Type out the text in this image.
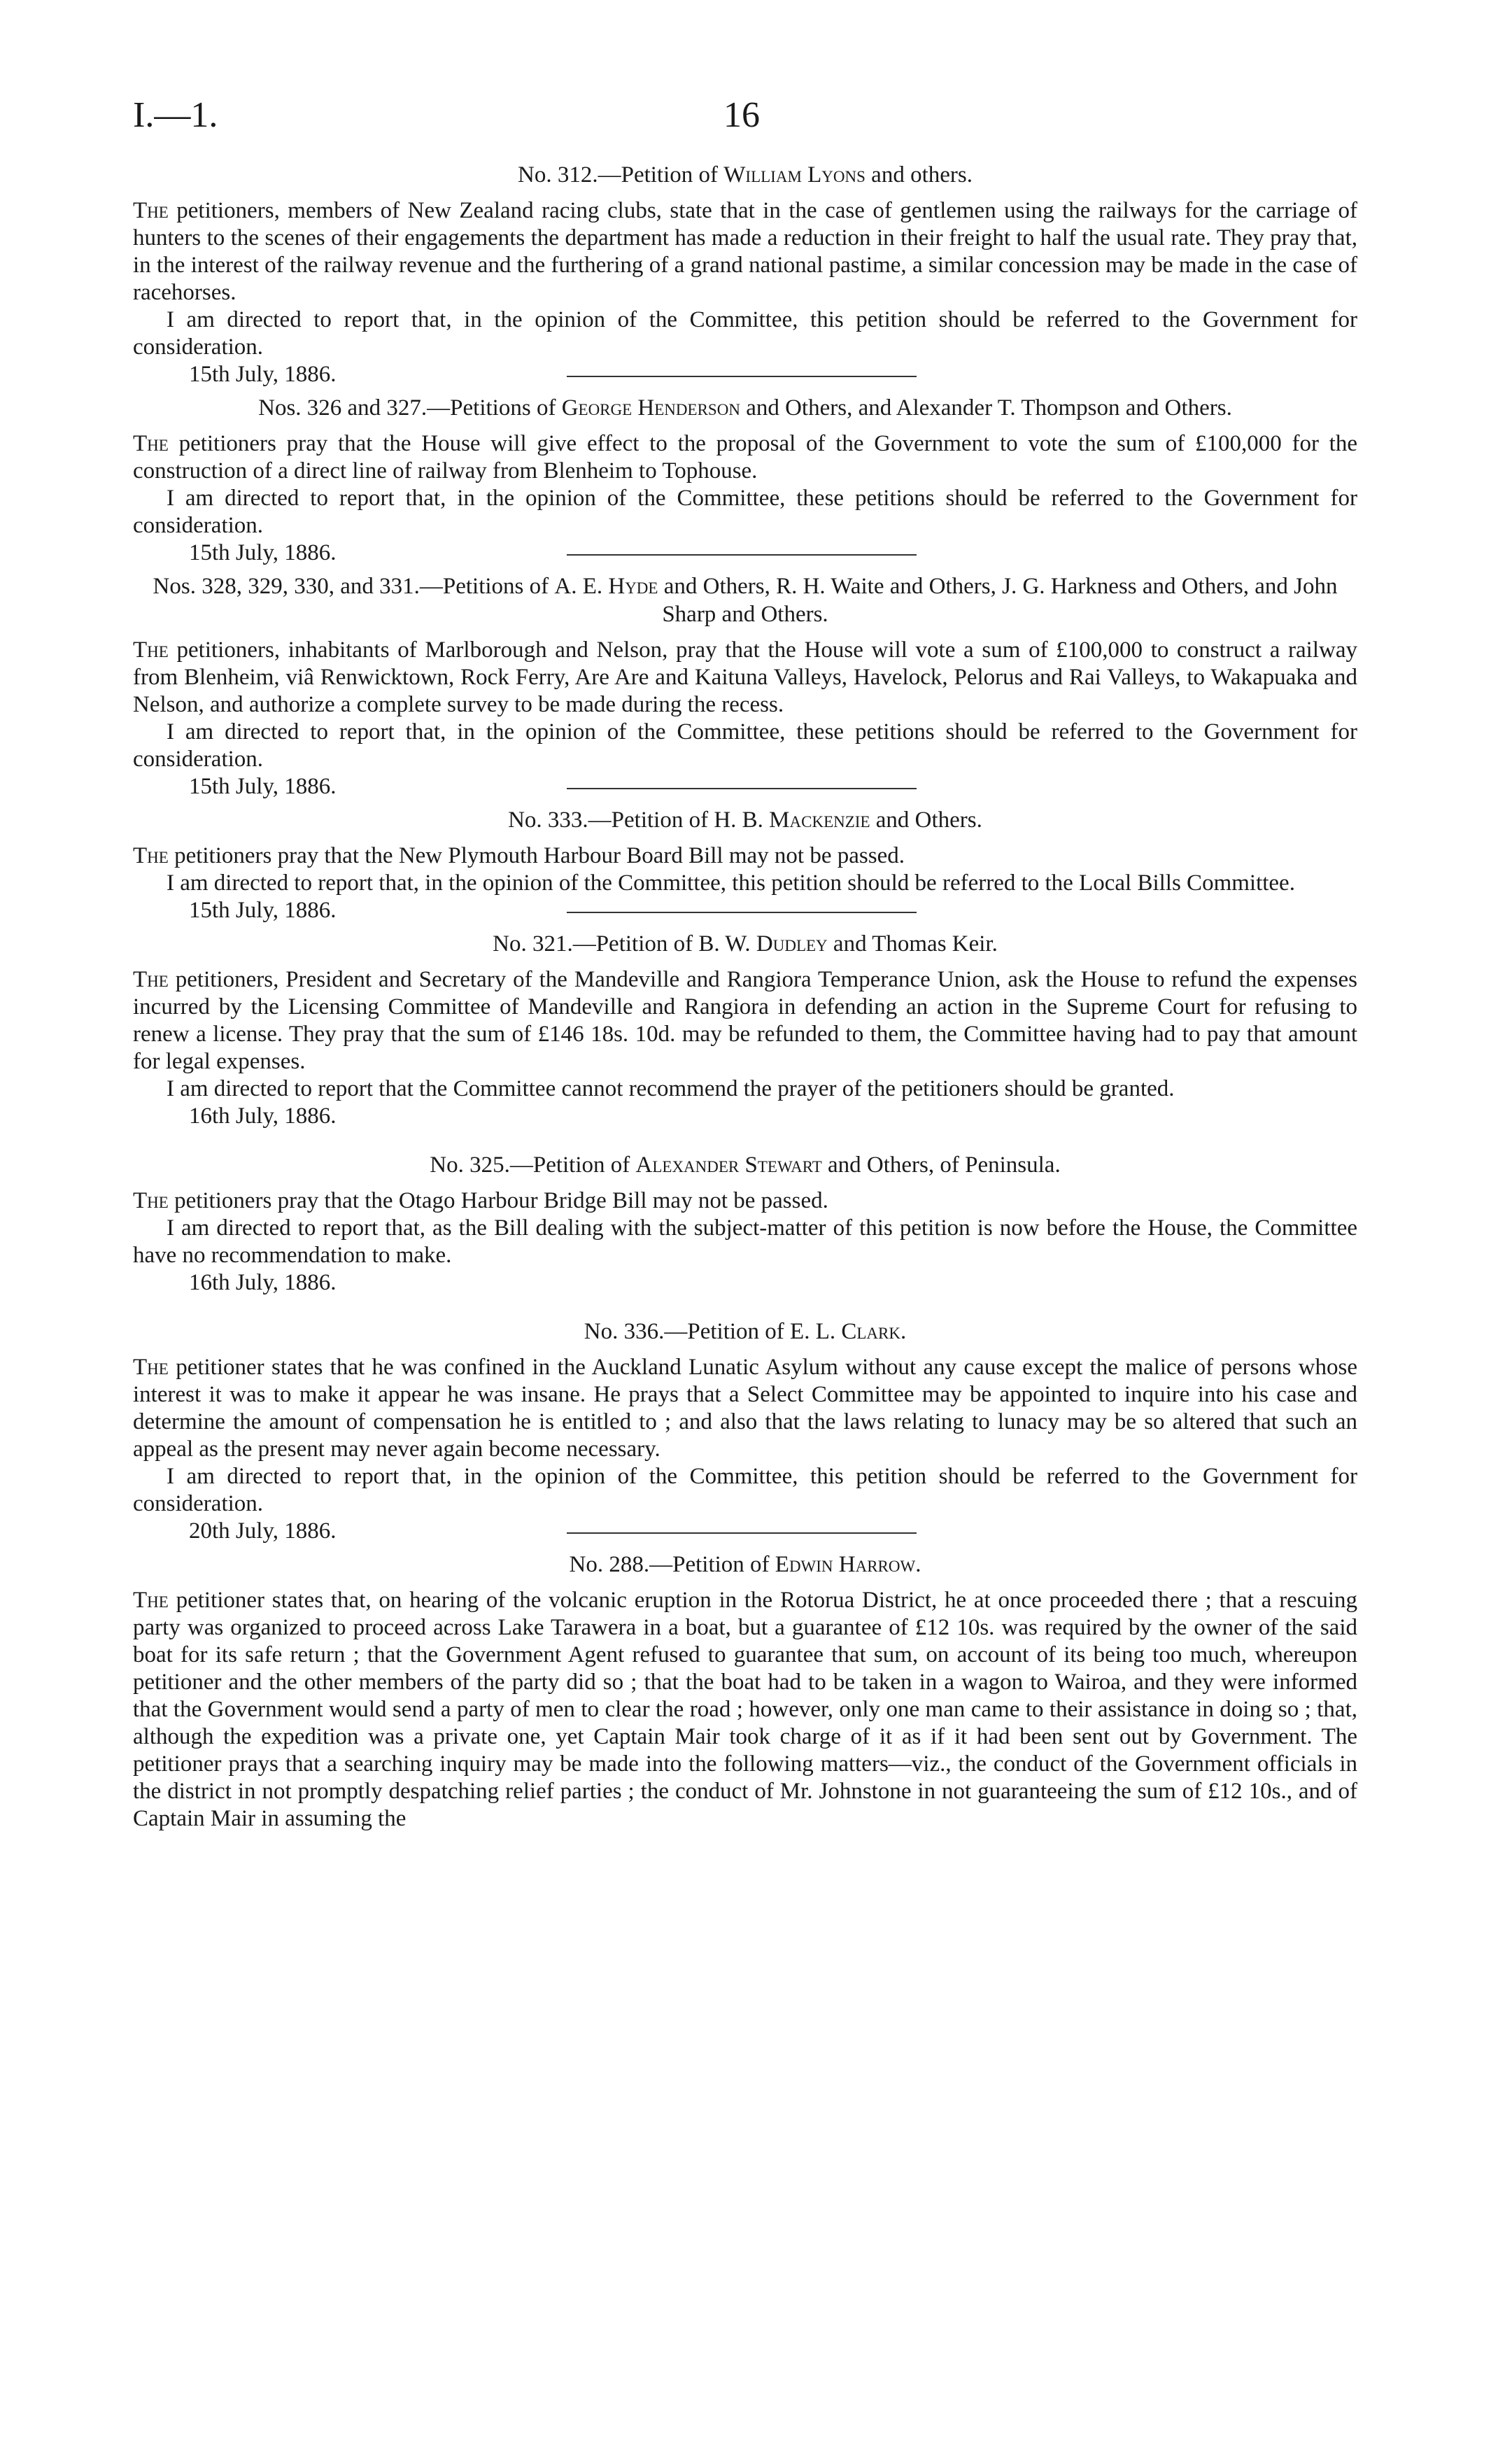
I.—1.	16
No. 312.—Petition of William Lyons and others.

The petitioners, members of New Zealand racing clubs, state that in the case of gentlemen using the railways for the carriage of hunters to the scenes of their engagements the department has made a reduction in their freight to half the usual rate. They pray that, in the interest of the railway revenue and the furthering of a grand national pastime, a similar concession may be made in the case of racehorses.

I am directed to report that, in the opinion of the Committee, this petition should be referred to the Government for consideration.

15th July, 1886.
Nos. 326 and 327.—Petitions of George Henderson and Others, and Alexander T. Thompson and Others.

The petitioners pray that the House will give effect to the proposal of the Government to vote the sum of £100,000 for the construction of a direct line of railway from Blenheim to Tophouse.

I am directed to report that, in the opinion of the Committee, these petitions should be referred to the Government for consideration.

15th July, 1886.
Nos. 328, 329, 330, and 331.—Petitions of A. E. Hyde and Others, R. H. Waite and Others, J. G. Harkness and Others, and John Sharp and Others.

The petitioners, inhabitants of Marlborough and Nelson, pray that the House will vote a sum of £100,000 to construct a railway from Blenheim, viâ Renwicktown, Rock Ferry, Are Are and Kaituna Valleys, Havelock, Pelorus and Rai Valleys, to Wakapuaka and Nelson, and authorize a complete survey to be made during the recess.

I am directed to report that, in the opinion of the Committee, these petitions should be referred to the Government for consideration.

15th July, 1886.
No. 333.—Petition of H. B. Mackenzie and Others.

The petitioners pray that the New Plymouth Harbour Board Bill may not be passed.

I am directed to report that, in the opinion of the Committee, this petition should be referred to the Local Bills Committee.

15th July, 1886.
No. 321.—Petition of B. W. Dudley and Thomas Keir.

The petitioners, President and Secretary of the Mandeville and Rangiora Temperance Union, ask the House to refund the expenses incurred by the Licensing Committee of Mandeville and Rangiora in defending an action in the Supreme Court for refusing to renew a license. They pray that the sum of £146 18s. 10d. may be refunded to them, the Committee having had to pay that amount for legal expenses.

I am directed to report that the Committee cannot recommend the prayer of the petitioners should be granted.

16th July, 1886.
No. 325.—Petition of Alexander Stewart and Others, of Peninsula.

The petitioners pray that the Otago Harbour Bridge Bill may not be passed.

I am directed to report that, as the Bill dealing with the subject-matter of this petition is now before the House, the Committee have no recommendation to make.

16th July, 1886.
No. 336.—Petition of E. L. Clark.

The petitioner states that he was confined in the Auckland Lunatic Asylum without any cause except the malice of persons whose interest it was to make it appear he was insane. He prays that a Select Committee may be appointed to inquire into his case and determine the amount of compensation he is entitled to ; and also that the laws relating to lunacy may be so altered that such an appeal as the present may never again become necessary.

I am directed to report that, in the opinion of the Committee, this petition should be referred to the Government for consideration.

20th July, 1886.
No. 288.—Petition of Edwin Harrow.

The petitioner states that, on hearing of the volcanic eruption in the Rotorua District, he at once proceeded there ; that a rescuing party was organized to proceed across Lake Tarawera in a boat, but a guarantee of £12 10s. was required by the owner of the said boat for its safe return ; that the Government Agent refused to guarantee that sum, on account of its being too much, whereupon petitioner and the other members of the party did so ; that the boat had to be taken in a wagon to Wairoa, and they were informed that the Government would send a party of men to clear the road ; however, only one man came to their assistance in doing so ; that, although the expedition was a private one, yet Captain Mair took charge of it as if it had been sent out by Government. The petitioner prays that a searching inquiry may be made into the following matters—viz., the conduct of the Government officials in the district in not promptly despatching relief parties ; the conduct of Mr. Johnstone in not guaranteeing the sum of £12 10s., and of Captain Mair in assuming the
